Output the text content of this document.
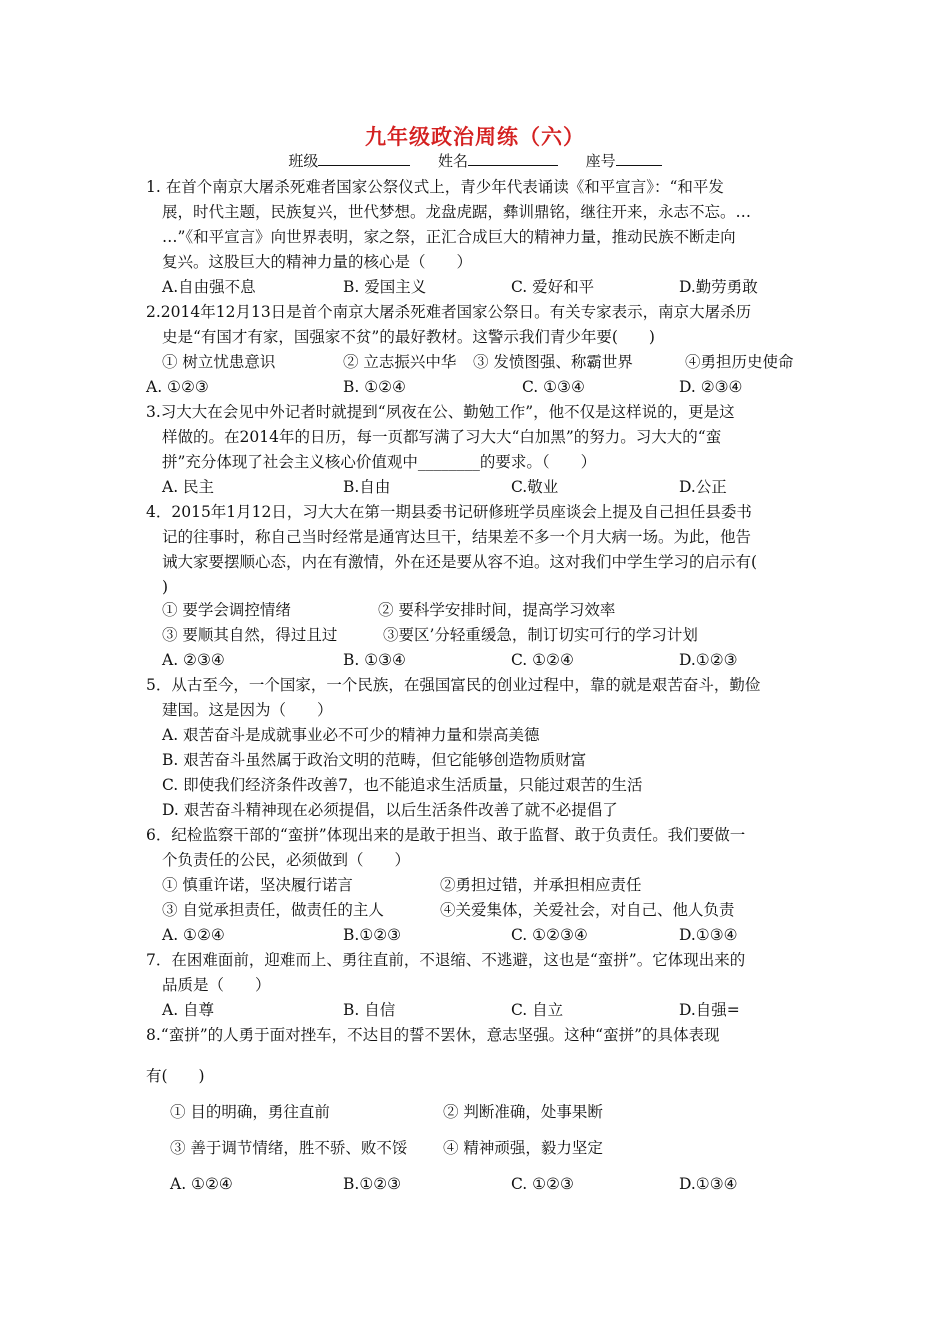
九年级政治周练（六）
班级	姓名	座号
1. 在首个南京大屠杀死难者国家公祭仪式上，青少年代表诵读《和平宣言》：“和平发
展，时代主题，民族复兴，世代梦想。龙盘虎踞，彝训鼎铭，继往开来，永志不忘。…
…”《和平宣言》向世界表明，家之祭，正汇合成巨大的精神力量，推动民族不断走向
复兴。这股巨大的精神力量的核心是（　　）
A.自由强不息	B. 爱国主义	C. 爱好和平	D.勤劳勇敢
2.2014年12月13日是首个南京大屠杀死难者国家公祭日。有关专家表示，南京大屠杀历
史是“有国才有家，国强家不贫”的最好教材。这警示我们青少年要(　　)
① 树立忧患意识	② 立志振兴中华 ③ 发愤图强、称霸世界	④勇担历史使命
A. ①②③	B. ①②④	C. ①③④	D. ②③④
3.习大大在会见中外记者时就提到“夙夜在公、勤勉工作”，他不仅是这样说的，更是这
样做的。在2014年的日历，每一页都写满了习大大“白加黑”的努力。习大大的“蛮
拼”充分体现了社会主义核心价值观中________的要求。（　　）
A. 民主	B.自由	C.敬业	D.公正
4．2015年1月12日，习大大在第一期县委书记研修班学员座谈会上提及自己担任县委书
记的往事时，称自己当时经常是通宵达旦干，结果差不多一个月大病一场。为此，他告
诫大家要摆顺心态，内在有激情，外在还是要从容不迫。这对我们中学生学习的启示有(
)
① 要学会调控情绪	② 要科学安排时间，提高学习效率
③ 要顺其自然，得过且过	③要区’分轻重缓急，制订切实可行的学习计划
A. ②③④	B. ①③④	C. ①②④	D.①②③
5．从古至今，一个国家，一个民族，在强国富民的创业过程中，靠的就是艰苦奋斗，勤俭
建国。这是因为（　　）
A. 艰苦奋斗是成就事业必不可少的精神力量和崇高美德
B. 艰苦奋斗虽然属于政治文明的范畴，但它能够创造物质财富
C. 即使我们经济条件改善7，也不能追求生活质量，只能过艰苦的生活
D. 艰苦奋斗精神现在必须提倡，以后生活条件改善了就不必提倡了
6．纪检监察干部的“蛮拼”体现出来的是敢于担当、敢于监督、敢于负责任。我们要做一
个负责任的公民，必须做到（　　）
① 慎重许诺，坚决履行诺言	②勇担过错，并承担相应责任
③ 自觉承担责任，做责任的主人	④关爱集体，关爱社会，对自己、他人负责
A. ①②④	B.①②③	C. ①②③④	D.①③④
7．在困难面前，迎难而上、勇往直前，不退缩、不逃避，这也是“蛮拼”。它体现出来的
品质是（　　）
A. 自尊	B. 自信	C. 自立	D.自强=
8.“蛮拼”的人勇于面对挫车，不达目的誓不罢休，意志坚强。这种“蛮拼”的具体表现
有(　　)
① 目的明确，勇往直前	② 判断准确，处事果断
③ 善于调节情绪，胜不骄、败不馁 ④ 精神顽强，毅力坚定
A. ①②④	B.①②③	C. ①②③	D.①③④
